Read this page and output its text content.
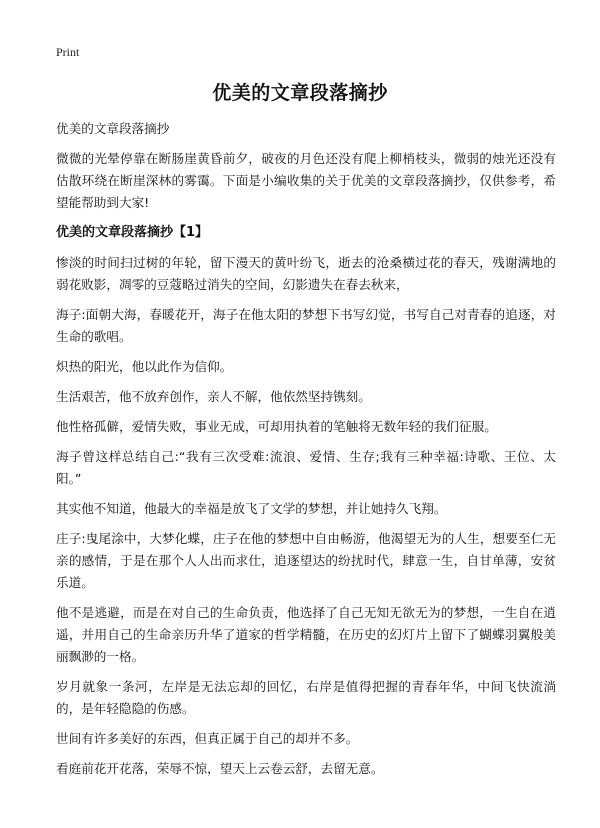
Print
优美的文章段落摘抄

优美的文章段落摘抄

微微的光晕停靠在断肠崖黄昏前夕，破夜的月色还没有爬上柳梢枝头，微弱的烛光还没有估散环绕在断崖深林的雾霭。下面是小编收集的关于优美的文章段落摘抄，仅供参考，希望能帮助到大家!

优美的文章段落摘抄【1】

惨淡的时间扫过树的年轮，留下漫天的黄叶纷飞，逝去的沧桑横过花的春天，残谢满地的弱花败影，凋零的豆蔻略过消失的空间，幻影遗失在春去秋来，

海子:面朝大海，春暖花开，海子在他太阳的梦想下书写幻觉，书写自己对青春的追逐，对生命的歌唱。

炽热的阳光，他以此作为信仰。

生活艰苦，他不放弃创作，亲人不解，他依然坚持镌刻。

他性格孤僻，爱情失败，事业无成，可却用执着的笔触将无数年轻的我们征服。

海子曾这样总结自己:“我有三次受难:流浪、爱情、生存;我有三种幸福:诗歌、王位、太阳。”

其实他不知道，他最大的幸福是放飞了文学的梦想，并让她持久飞翔。

庄子:曳尾涂中，大梦化蝶，庄子在他的梦想中自由畅游，他渴望无为的人生，想要至仁无亲的感情，于是在那个人人出而求仕，追逐望达的纷扰时代，肆意一生，自甘单薄，安贫乐道。

他不是逃避，而是在对自己的生命负责，他选择了自己无知无欲无为的梦想，一生自在逍遥，并用自己的生命亲历升华了道家的哲学精髓，在历史的幻灯片上留下了蝴蝶羽翼般美丽飘渺的一格。

岁月就象一条河，左岸是无法忘却的回忆，右岸是值得把握的青春年华，中间飞快流淌的，是年轻隐隐的伤感。

世间有许多美好的东西，但真正属于自己的却并不多。

看庭前花开花落，荣辱不惊，望天上云卷云舒，去留无意。
